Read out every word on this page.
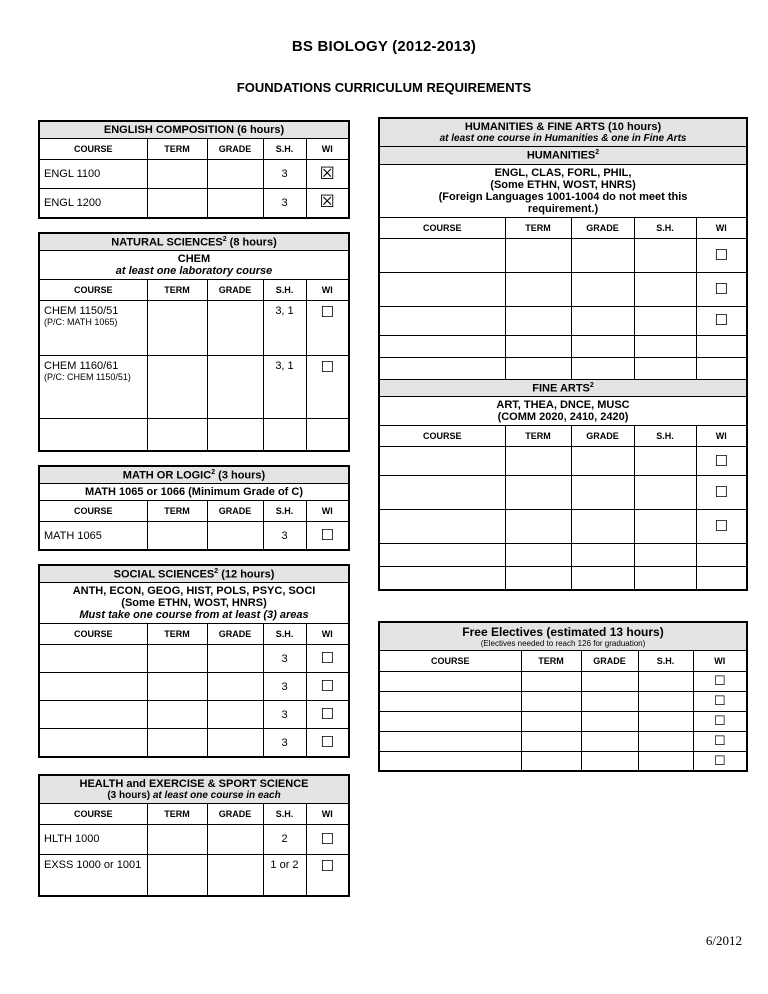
BS BIOLOGY (2012-2013)
FOUNDATIONS CURRICULUM REQUIREMENTS
ENGLISH COMPOSITION (6 hours)				
COURSE	TERM	GRADE	S.H.	WI
ENGL 1100			3	☒
ENGL 1200			3	☒
NATURAL SCIENCES$^2$ (8 hours)				

CHEM
at least one laboratory course				

COURSE	TERM	GRADE	S.H.	WI

CHEM 1150/51
(P/C: MATH 1065)			3, 1	☐

CHEM 1160/61
(P/C: CHEM 1150/51)			3, 1	☐

MATH OR LOGIC$^2$ (3 hours)				
MATH 1065 or 1066 (Minimum Grade of C)				
COURSE	TERM	GRADE	S.H.	WI
MATH 1065			3	☐
SOCIAL SCIENCES$^2$ (12 hours)				

ANTH, ECON, GEOG, HIST, POLS, PSYC, SOCI
(Some ETHN, WOST, HNRS)
Must take one course from at least (3) areas				

COURSE	TERM	GRADE	S.H.	WI
			3	☐
			3	☐
			3	☐
			3	☐
HEALTH and EXERCISE & SPORT SCIENCE
(3 hours) at least one course in each				

COURSE	TERM	GRADE	S.H.	WI
HLTH 1000			2	☐
EXSS 1000 or 1001			1 or 2	☐
HUMANITIES & FINE ARTS (10 hours)
at least one course in Humanities & one in Fine Arts				

HUMANITIES$^2$

ENGL, CLAS, FORL, PHIL,
(Some ETHN, WOST, HNRS)
(Foreign Languages 1001-1004 do not meet this requirement.)				

COURSE	TERM	GRADE	S.H.	WI
				☐
				☐
				☐

FINE ARTS$^2$

ART, THEA, DNCE, MUSC
(COMM 2020, 2410, 2420)				

COURSE	TERM	GRADE	S.H.	WI
				☐
				☐
				☐

Free Electives (estimated 13 hours)
(Electives needed to reach 126 for graduation)				

COURSE	TERM	GRADE	S.H.	WI
				☐
				☐
				☐
				☐
				☐
6/2012
